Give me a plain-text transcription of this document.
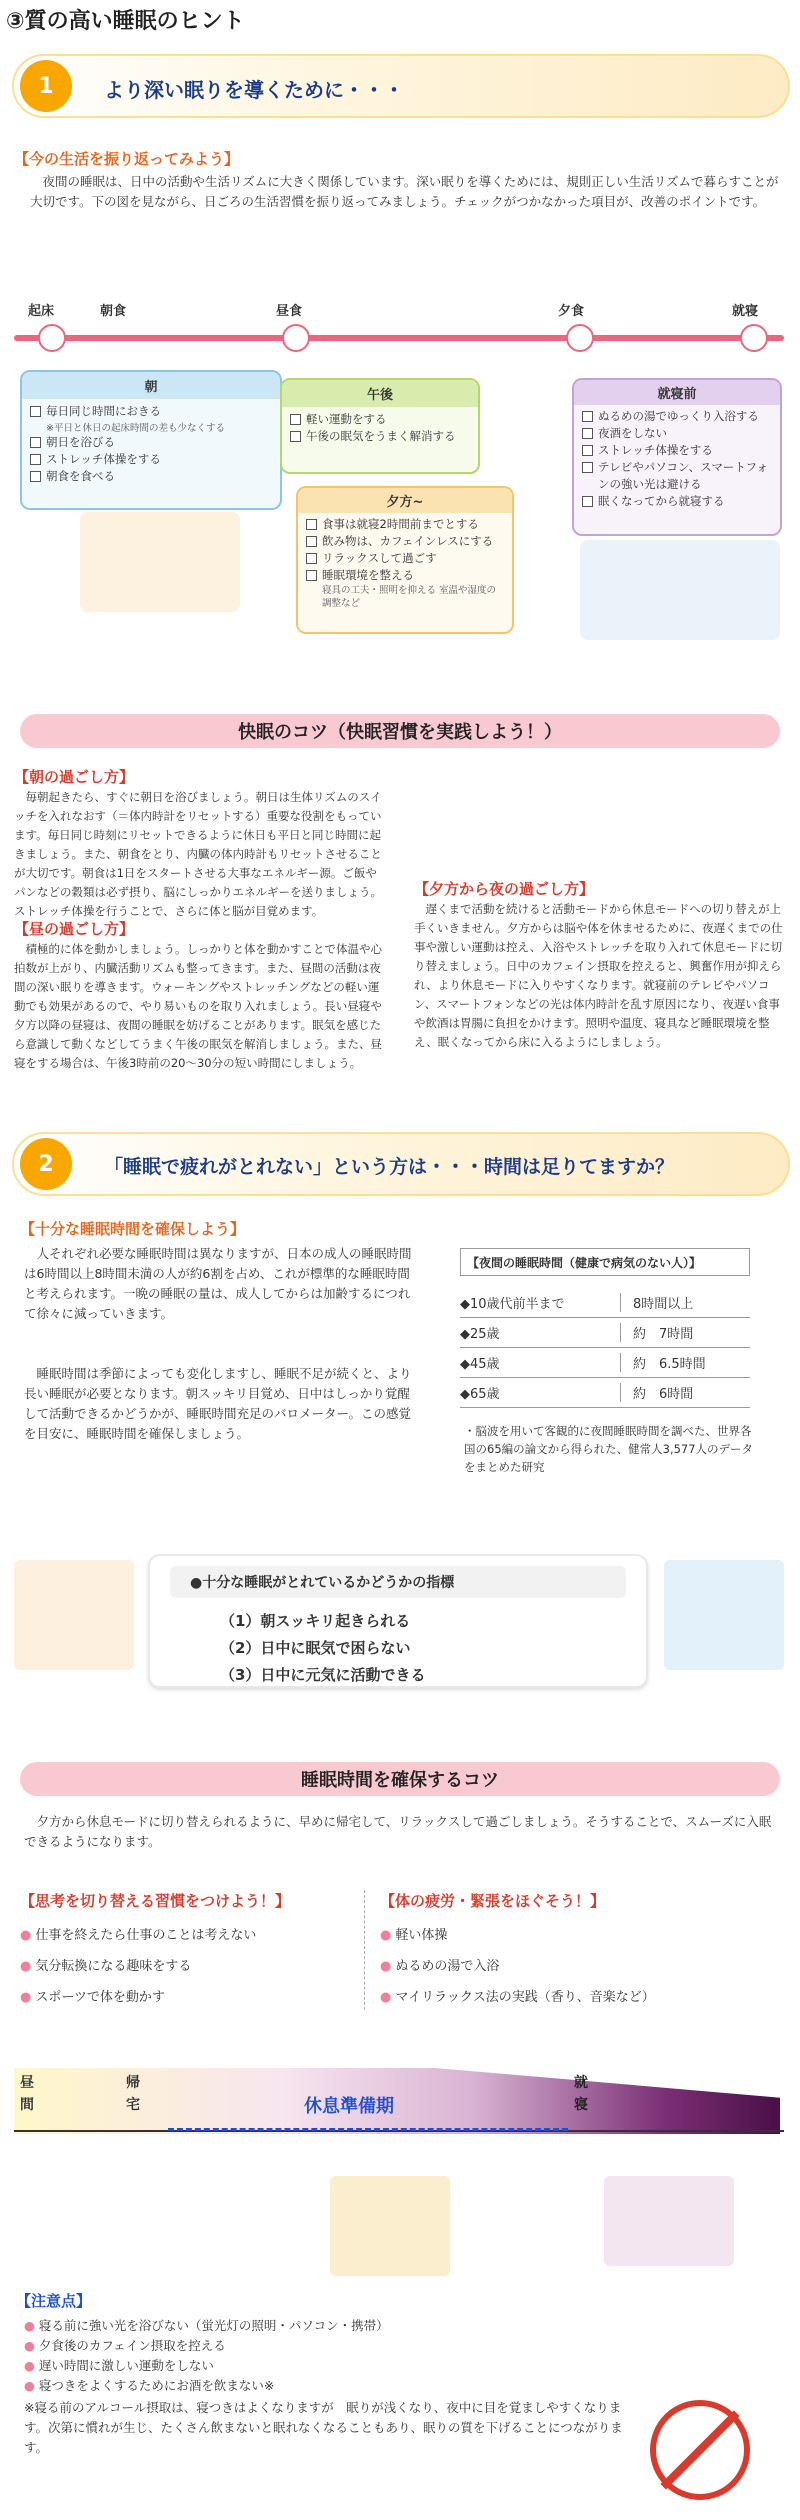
③質の高い睡眠のヒント
1	より深い眠りを導くために・・・
【今の生活を振り返ってみよう】
夜間の睡眠は、日中の活動や生活リズムに大きく関係しています。深い眠りを導くためには、規則正しい生活リズムで暮らすことが大切です。下の図を見ながら、日ごろの生活習慣を振り返ってみましょう。チェックがつかなかった項目が、改善のポイントです。
起床	朝食	昼食	夕食	就寝
朝
毎日同じ時間におきる
※平日と休日の起床時間の差も少なくする
朝日を浴びる
ストレッチ体操をする
朝食を食べる
午後
軽い運動をする
午後の眠気をうまく解消する
夕方~
食事は就寝2時間前までとする
飲み物は、カフェインレスにする
リラックスして過ごす
睡眠環境を整える
寝具の工夫・照明を抑える 室温や湿度の調整など
就寝前
ぬるめの湯でゆっくり入浴する
夜酒をしない
ストレッチ体操をする
テレビやパソコン、スマートフォンの強い光は避ける
眠くなってから就寝する
快眠のコツ（快眠習慣を実践しよう！）
【朝の過ごし方】
毎朝起きたら、すぐに朝日を浴びましょう。朝日は生体リズムのスイッチを入れなおす（＝体内時計をリセットする）重要な役割をもっています。毎日同じ時刻にリセットできるように休日も平日と同じ時間に起きましょう。また、朝食をとり、内臓の体内時計もリセットさせることが大切です。朝食は1日をスタートさせる大事なエネルギー源。ご飯やパンなどの穀類は必ず摂り、脳にしっかりエネルギーを送りましょう。ストレッチ体操を行うことで、さらに体と脳が目覚めます。
【昼の過ごし方】
積極的に体を動かしましょう。しっかりと体を動かすことで体温や心拍数が上がり、内臓活動リズムも整ってきます。また、昼間の活動は夜間の深い眠りを導きます。ウォーキングやストレッチングなどの軽い運動でも効果があるので、やり易いものを取り入れましょう。長い昼寝や夕方以降の昼寝は、夜間の睡眠を妨げることがあります。眠気を感じたら意識して動くなどしてうまく午後の眠気を解消しましょう。また、昼寝をする場合は、午後3時前の20～30分の短い時間にしましょう。
【夕方から夜の過ごし方】
遅くまで活動を続けると活動モードから休息モードへの切り替えが上手くいきません。夕方からは脳や体を休ませるために、夜遅くまでの仕事や激しい運動は控え、入浴やストレッチを取り入れて休息モードに切り替えましょう。日中のカフェイン摂取を控えると、興奮作用が抑えられ、より休息モードに入りやすくなります。就寝前のテレビやパソコン、スマートフォンなどの光は体内時計を乱す原因になり、夜遅い食事や飲酒は胃腸に負担をかけます。照明や温度、寝具など睡眠環境を整え、眠くなってから床に入るようにしましょう。
2	「睡眠で疲れがとれない」という方は・・・時間は足りてますか？
【十分な睡眠時間を確保しよう】
人それぞれ必要な睡眠時間は異なりますが、日本の成人の睡眠時間は6時間以上8時間未満の人が約6割を占め、これが標準的な睡眠時間と考えられます。一晩の睡眠の量は、成人してからは加齢するにつれて徐々に減っていきます。
睡眠時間は季節によっても変化しますし、睡眠不足が続くと、より長い睡眠が必要となります。朝スッキリ目覚め、日中はしっかり覚醒して活動できるかどうかが、睡眠時間充足のバロメーター。この感覚を目安に、睡眠時間を確保しましょう。
【夜間の睡眠時間（健康で病気のない人）】
◆10歳代前半まで	8時間以上
◆25歳	約　7時間
◆45歳	約　6.5時間
◆65歳	約　6時間
・脳波を用いて客観的に夜間睡眠時間を調べた、世界各国の65編の論文から得られた、健常人3,577人のデータをまとめた研究
●十分な睡眠がとれているかどうかの指標
（1）朝スッキリ起きられる
（2）日中に眠気で困らない
（3）日中に元気に活動できる
睡眠時間を確保するコツ
夕方から休息モードに切り替えられるように、早めに帰宅して、リラックスして過ごしましょう。そうすることで、スムーズに入眠できるようになります。
【思考を切り替える習慣をつけよう！】
● 仕事を終えたら仕事のことは考えない
● 気分転換になる趣味をする
● スポーツで体を動かす
【体の疲労・緊張をほぐそう！】
● 軽い体操
● ぬるめの湯で入浴
● マイリラックス法の実践（香り、音楽など）
昼間
帰宅
就寝
休息準備期
【注意点】
● 寝る前に強い光を浴びない（蛍光灯の照明・パソコン・携帯）
● 夕食後のカフェイン摂取を控える
● 遅い時間に激しい運動をしない
● 寝つきをよくするためにお酒を飲まない※
※寝る前のアルコール摂取は、寝つきはよくなりますが　眠りが浅くなり、夜中に目を覚ましやすくなります。次第に慣れが生じ、たくさん飲まないと眠れなくなることもあり、眠りの質を下げることにつながります。
